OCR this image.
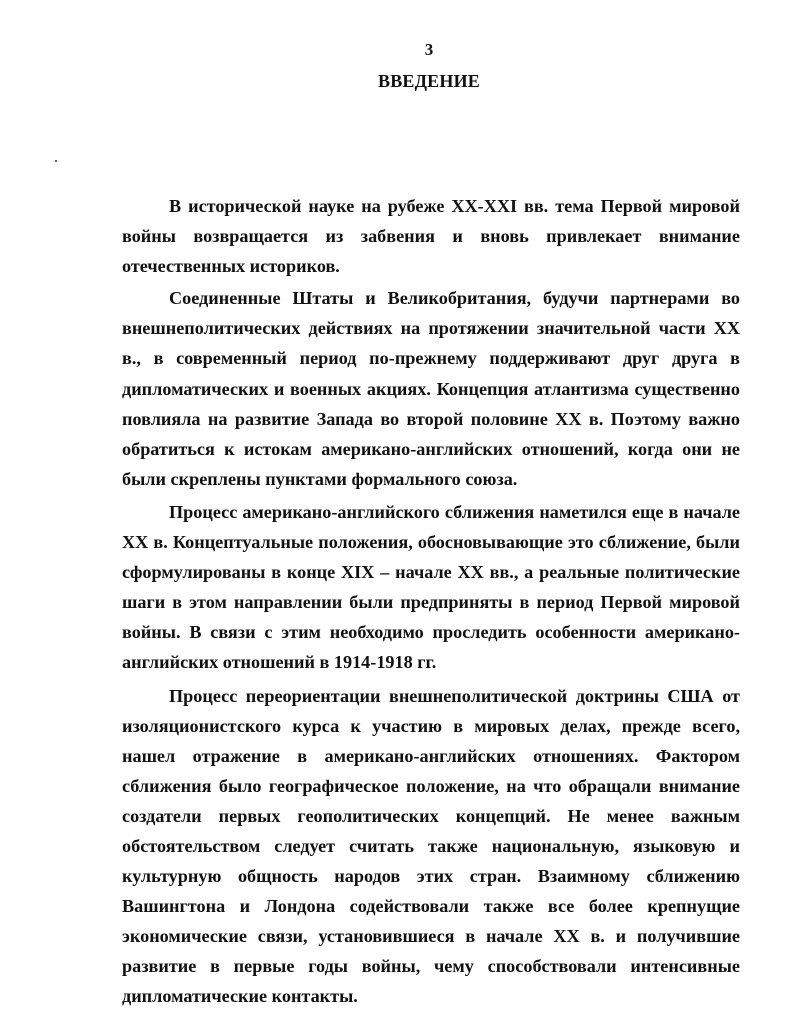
3
ВВЕДЕНИЕ

В исторической науке на рубеже XX-XXI вв. тема Первой мировой войны возвращается из забвения и вновь привлекает внимание отечественных историков.

Соединенные Штаты и Великобритания, будучи партнерами во внешнеполитических действиях на протяжении значительной части XX в., в современный период по-прежнему поддерживают друг друга в дипломатических и военных акциях. Концепция атлантизма существенно повлияла на развитие Запада во второй половине XX в. Поэтому важно обратиться к истокам американо-английских отношений, когда они не были скреплены пунктами формального союза.

Процесс американо-английского сближения наметился еще в начале XX в. Концептуальные положения, обосновывающие это сближение, были сформулированы в конце XIX – начале XX вв., а реальные политические шаги в этом направлении были предприняты в период Первой мировой войны. В связи с этим необходимо проследить особенности американо-английских отношений в 1914-1918 гг.

Процесс переориентации внешнеполитической доктрины США от изоляционистского курса к участию в мировых делах, прежде всего, нашел отражение в американо-английских отношениях. Фактором сближения было географическое положение, на что обращали внимание создатели первых геополитических концепций. Не менее важным обстоятельством следует считать также национальную, языковую и культурную общность народов этих стран. Взаимному сближению Вашингтона и Лондона содействовали также все более крепнущие экономические связи, установившиеся в начале XX в. и получившие развитие в первые годы войны, чему способствовали интенсивные дипломатические контакты.
